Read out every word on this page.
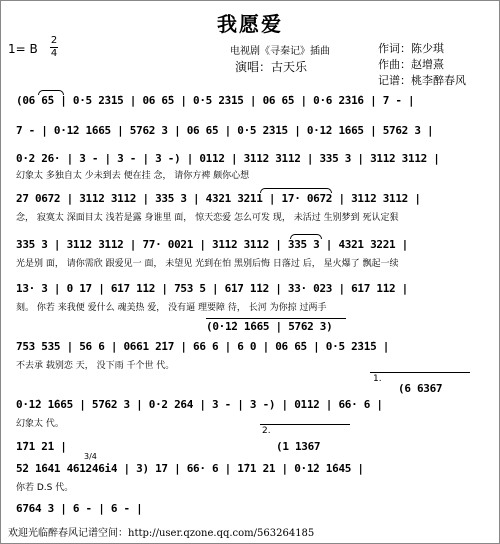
我愿爱
1= B
2
4	电视剧《寻秦记》插曲
演唱：古天乐
作词：陈少琪
作曲：赵增熹
记谱：桃李醉春风
(06 6̇5 | 0·5 2̇3̇1̇5 | 06 6̇5 | 0·5 2̇3̇1̇5 | 06 6̇5 | 0·6 2̇3̇1̇6 | 7 - |
7 - | 0·1̇2 1̇665 | 5762 3 | 06 6̇5 | 0·5 2̇3̇1̇5 | 0·1̇2 1̇665 | 5762 3 |
0·2 26· | 3 - | 3 - | 3 -) | 0112 | 3112 3112 | 335 3 | 3112 3112 |
幻象太 多独自太 少未到去 便在挂 念， 请你方裨 颇你心想
27 0672 | 3112 3112 | 335 3 | 4321 3211 | 17· 0672 | 3112 3112 |
念， 寂寞太 深面目太 浅若是露 身谁里 面， 惊天恋爱 怎么可发 现， 未活过 生别梦到 死认定狠
335 3 | 3112 3112 | 77· 0021 | 3112 3112 | 335 3 | 4321 3221 |
光是别 面， 请你需欣 跟爱见一 面， 未望见 光到在怕 黑别后悔 日落过 后， 星火爆了 飘起一续
13· 3 | 0 17 | 6̇17 1̇12 | 753 5 | 6̇17 1̇12 | 33· 023 | 6̇17 1̇12 |
刻。 你若 来我便 爱什么 魂美热 爱， 没有逼 理要障 待， 长河 为你掠 过两手
(0·1̇2 1̇665 | 5762 3)
753 535 | 56 6 | 0661 2̇17 | 66 6 | 6 0 | 06 6̇5 | 0·5 2̇3̇1̇5 |
不去承 载别恋 天， 没下雨 千个世 代。
1.
(6 6367
0·1̇2 1̇665 | 5762 3 | 0·2 264 | 3 - | 3 -) | 0112 | 66· 6 |
幻象太 代。
1̇71 2̇1 |
2.
(1 1367
3/4
5̇2 1̇641 461246i4 | 3) 17 | 66· 6 | 1̇71 21 | 0·1̇2 1̇645 |
你若 D.S 代。
6764 3 | 6 - | 6 - |
欢迎光临醉春风记谱空间：http://user.qzone.qq.com/563264185
